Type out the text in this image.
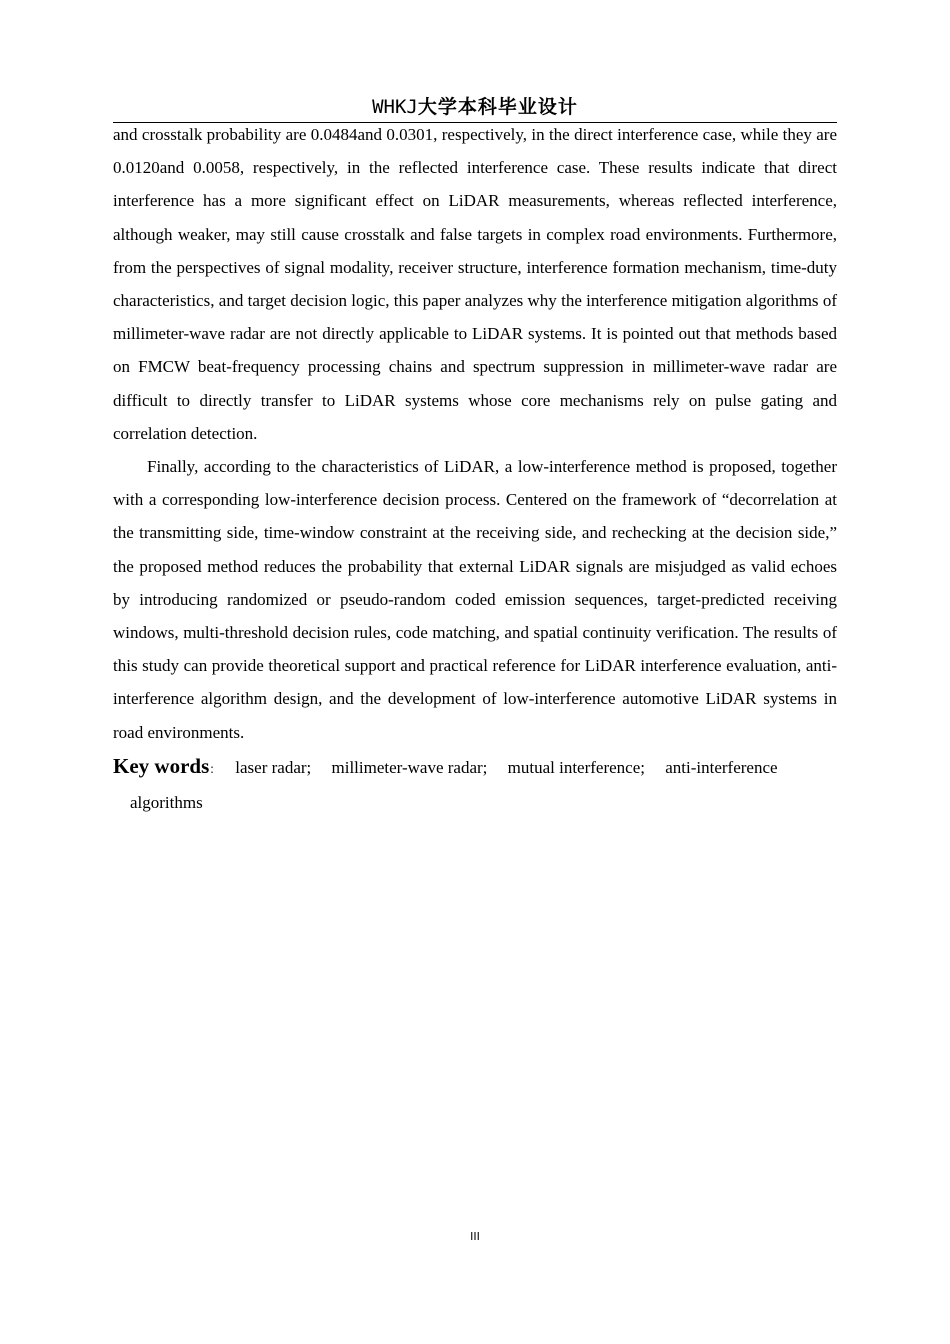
WHKJ大学本科毕业设计

and crosstalk probability are 0.0484and 0.0301, respectively, in the direct interference case, while they are 0.0120and 0.0058, respectively, in the reflected interference case. These results indicate that direct interference has a more significant effect on LiDAR measurements, whereas reflected interference, although weaker, may still cause crosstalk and false targets in complex road environments. Furthermore, from the perspectives of signal modality, receiver structure, interference formation mechanism, time-duty characteristics, and target decision logic, this paper analyzes why the interference mitigation algorithms of millimeter-wave radar are not directly applicable to LiDAR systems. It is pointed out that methods based on FMCW beat-frequency processing chains and spectrum suppression in millimeter-wave radar are difficult to directly transfer to LiDAR systems whose core mechanisms rely on pulse gating and correlation detection.

Finally, according to the characteristics of LiDAR, a low-interference method is proposed, together with a corresponding low-interference decision process. Centered on the framework of “decorrelation at the transmitting side, time-window constraint at the receiving side, and rechecking at the decision side,” the proposed method reduces the probability that external LiDAR signals are misjudged as valid echoes by introducing randomized or pseudo-random coded emission sequences, target-predicted receiving windows, multi-threshold decision rules, code matching, and spatial continuity verification. The results of this study can provide theoretical support and practical reference for LiDAR interference evaluation, anti-interference algorithm design, and the development of low-interference automotive LiDAR systems in road environments.

Key words： laser radar; millimeter-wave radar; mutual interference; anti-interference algorithms

III
